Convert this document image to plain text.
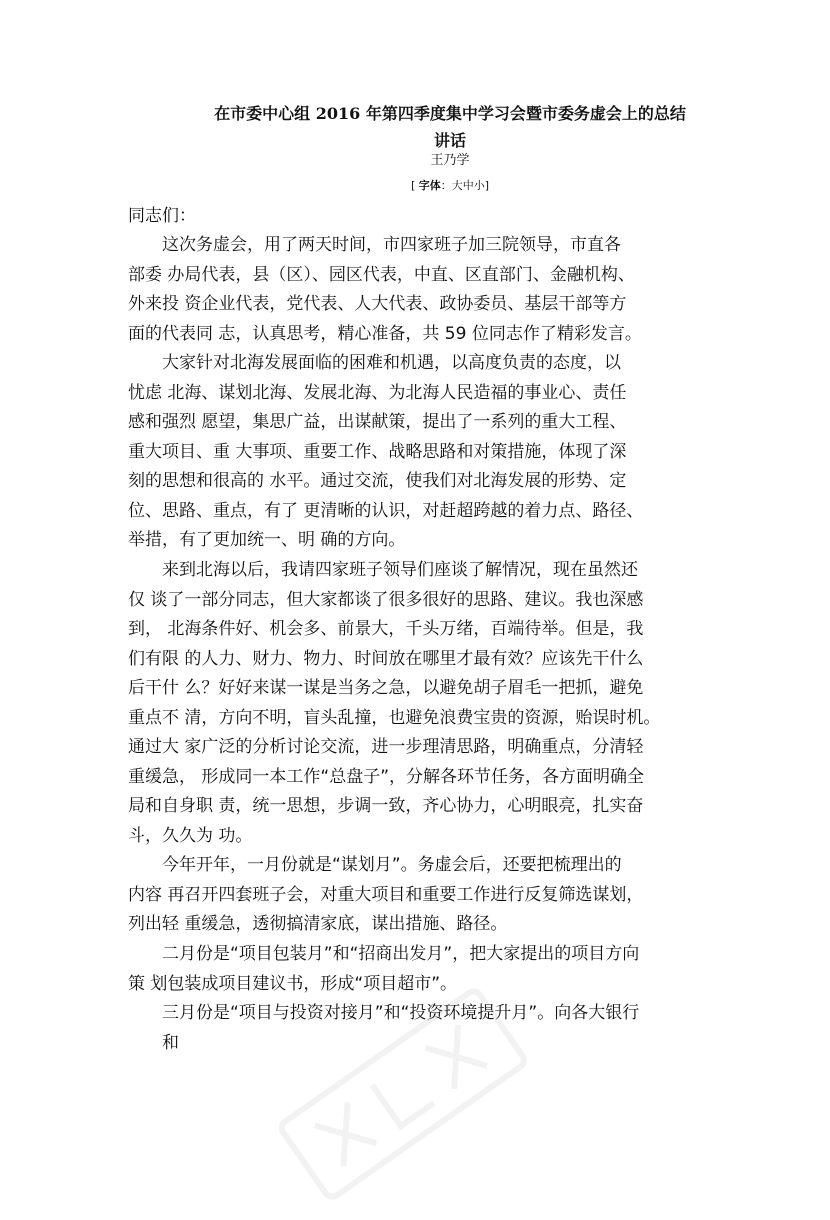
在市委中心组 2016 年第四季度集中学习会暨市委务虚会上的总结
讲话

王乃学

[ 字体：大中小]

同志们：

这次务虚会，用了两天时间，市四家班子加三院领导，市直各
部委 办局代表，县（区）、园区代表，中直、区直部门、金融机构、
外来投 资企业代表，党代表、人大代表、政协委员、基层干部等方
面的代表同 志，认真思考，精心准备，共 59 位同志作了精彩发言。
大家针对北海发展面临的困难和机遇，以高度负责的态度，以
忧虑 北海、谋划北海、发展北海、为北海人民造福的事业心、责任
感和强烈 愿望，集思广益，出谋献策，提出了一系列的重大工程、
重大项目、重 大事项、重要工作、战略思路和对策措施，体现了深
刻的思想和很高的 水平。通过交流，使我们对北海发展的形势、定
位、思路、重点，有了 更清晰的认识，对赶超跨越的着力点、路径、
举措，有了更加统一、明 确的方向。
来到北海以后，我请四家班子领导们座谈了解情况，现在虽然还
仅 谈了一部分同志，但大家都谈了很多很好的思路、建议。我也深感
到， 北海条件好、机会多、前景大，千头万绪，百端待举。但是，我
们有限 的人力、财力、物力、时间放在哪里才最有效？应该先干什么
后干什 么？好好来谋一谋是当务之急，以避免胡子眉毛一把抓，避免
重点不 清，方向不明，盲头乱撞，也避免浪费宝贵的资源，贻误时机。
通过大 家广泛的分析讨论交流，进一步理清思路，明确重点，分清轻
重缓急， 形成同一本工作“总盘子”，分解各环节任务，各方面明确全
局和自身职 责，统一思想，步调一致，齐心协力，心明眼亮，扎实奋
斗，久久为 功。
今年开年，一月份就是“谋划月”。务虚会后，还要把梳理出的
内容 再召开四套班子会，对重大项目和重要工作进行反复筛选谋划，
列出轻 重缓急，透彻搞清家底，谋出措施、路径。
二月份是“项目包装月”和“招商出发月”，把大家提出的项目方向
策 划包装成项目建议书，形成“项目超市”。
三月份是“项目与投资对接月”和“投资环境提升月”。向各大银行
和
